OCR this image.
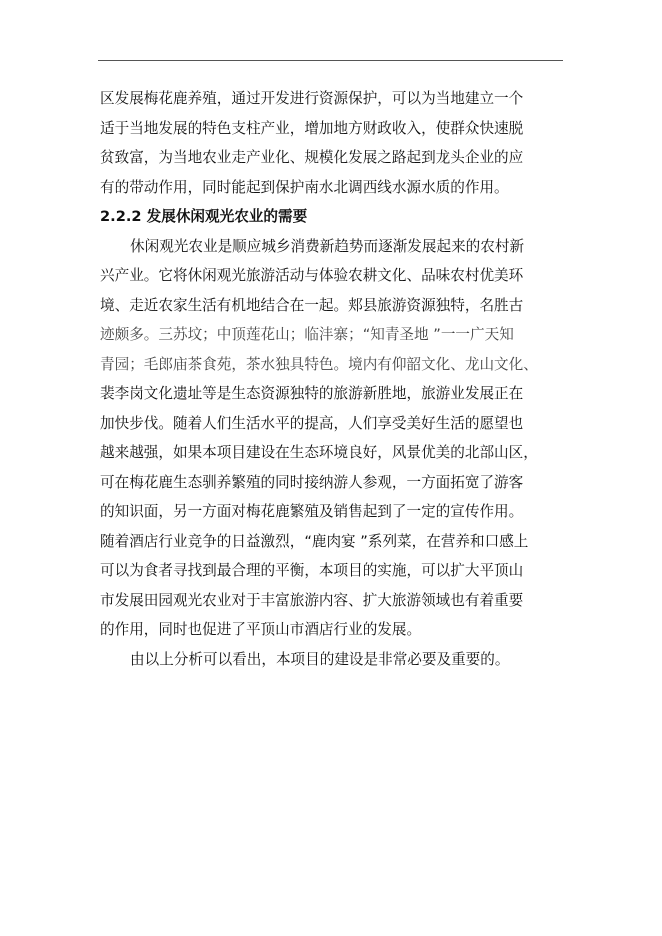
区发展梅花鹿养殖，通过开发进行资源保护，可以为当地建立一个
适于当地发展的特色支柱产业，增加地方财政收入，使群众快速脱
贫致富，为当地农业走产业化、规模化发展之路起到龙头企业的应
有的带动作用，同时能起到保护南水北调西线水源水质的作用。
2.2.2 发展休闲观光农业的需要
休闲观光农业是顺应城乡消费新趋势而逐渐发展起来的农村新
兴产业。它将休闲观光旅游活动与体验农耕文化、品味农村优美环
境、走近农家生活有机地结合在一起。郏县旅游资源独特，名胜古
迹颇多。三苏坟；中顶莲花山；临沣寨；“知青圣地 ”一一广天知
青园；毛郎庙茶食苑，茶水独具特色。境内有仰韶文化、龙山文化、
裴李岗文化遗址等是生态资源独特的旅游新胜地，旅游业发展正在
加快步伐。随着人们生活水平的提高，人们享受美好生活的愿望也
越来越强，如果本项目建设在生态环境良好，风景优美的北部山区，
可在梅花鹿生态驯养繁殖的同时接纳游人参观，一方面拓宽了游客
的知识面，另一方面对梅花鹿繁殖及销售起到了一定的宣传作用。
随着酒店行业竞争的日益激烈，“鹿肉宴 ”系列菜，在营养和口感上
可以为食者寻找到最合理的平衡，本项目的实施，可以扩大平顶山
市发展田园观光农业对于丰富旅游内容、扩大旅游领域也有着重要
的作用，同时也促进了平顶山市酒店行业的发展。
由以上分析可以看出，本项目的建设是非常必要及重要的。
